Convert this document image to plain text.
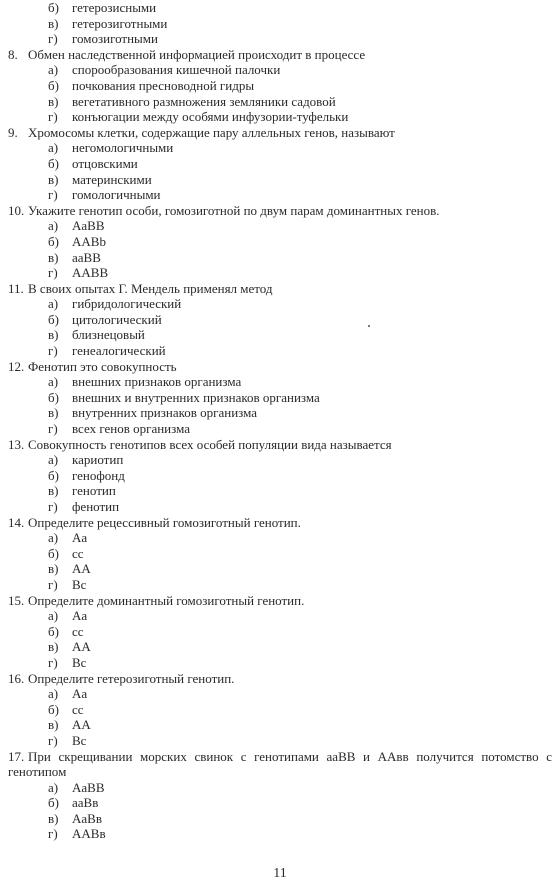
б)	гетерозисными
в)	гетерозиготными
г)	гомозиготными
8. Обмен наследственной информацией происходит в процессе
а)	спорообразования кишечной палочки
б)	почкования пресноводной гидры
в)	вегетативного размножения земляники садовой
г)	конъюгации между особями инфузории-туфельки
9. Хромосомы клетки, содержащие пару аллельных генов, называют
а)	негомологичными
б)	отцовскими
в)	материнскими
г)	гомологичными
10. Укажите генотип особи, гомозиготной по двум парам доминантных генов.
а)	AaBB
б)	AABb
в)	aaBB
г)	AABB
11. В своих опытах Г. Мендель применял метод
а)	гибридологический
б)	цитологический
в)	близнецовый
г)	генеалогический
12. Фенотип это совокупность
а)	внешних признаков организма
б)	внешних и внутренних признаков организма
в)	внутренних признаков организма
г)	всех генов организма
13. Совокупность генотипов всех особей популяции вида называется
а)	кариотип
б)	генофонд
в)	генотип
г)	фенотип
14. Определите рецессивный гомозиготный генотип.
а)	Aa
б)	cc
в)	AA
г)	Bc
15. Определите доминантный гомозиготный генотип.
а)	Aa
б)	cc
в)	AA
г)	Bc
16. Определите гетерозиготный генотип.
а)	Aa
б)	cc
в)	AA
г)	Bc
17. При скрещивании морских свинок с генотипами ааВВ и ААвв получится потомство с
генотипом
а)	AaBB
б)	aaBв
в)	AaBв
г)	AABв
11
